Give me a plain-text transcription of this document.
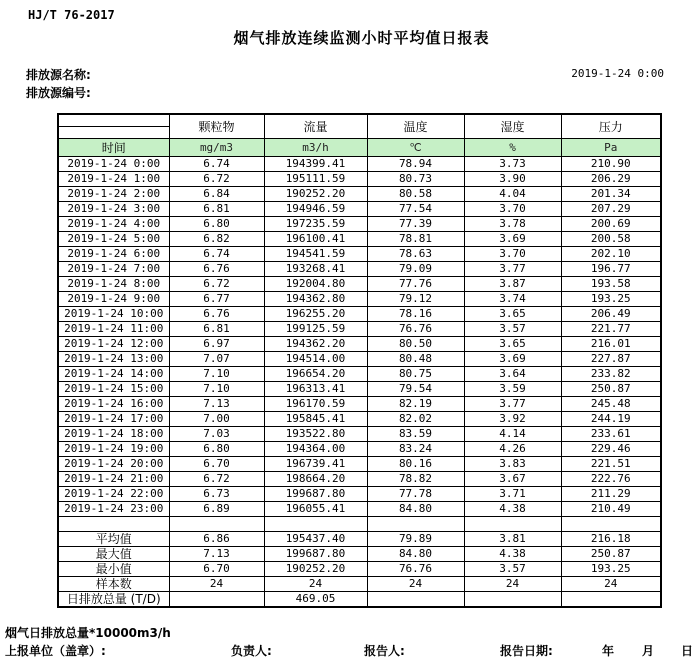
HJ/T 76-2017
烟气排放连续监测小时平均值日报表
排放源名称:	2019-1-24 0:00
排放源编号:
	颗粒物	流量	温度	湿度	压力
时间	mg/m3	m3/h	℃	%	Pa
2019-1-24 0:00	6.74	194399.41	78.94	3.73	210.90
2019-1-24 1:00	6.72	195111.59	80.73	3.90	206.29
2019-1-24 2:00	6.84	190252.20	80.58	4.04	201.34
2019-1-24 3:00	6.81	194946.59	77.54	3.70	207.29
2019-1-24 4:00	6.80	197235.59	77.39	3.78	200.69
2019-1-24 5:00	6.82	196100.41	78.81	3.69	200.58
2019-1-24 6:00	6.74	194541.59	78.63	3.70	202.10
2019-1-24 7:00	6.76	193268.41	79.09	3.77	196.77
2019-1-24 8:00	6.72	192004.80	77.76	3.87	193.58
2019-1-24 9:00	6.77	194362.80	79.12	3.74	193.25
2019-1-24 10:00	6.76	196255.20	78.16	3.65	206.49
2019-1-24 11:00	6.81	199125.59	76.76	3.57	221.77
2019-1-24 12:00	6.97	194362.20	80.50	3.65	216.01
2019-1-24 13:00	7.07	194514.00	80.48	3.69	227.87
2019-1-24 14:00	7.10	196654.20	80.75	3.64	233.82
2019-1-24 15:00	7.10	196313.41	79.54	3.59	250.87
2019-1-24 16:00	7.13	196170.59	82.19	3.77	245.48
2019-1-24 17:00	7.00	195845.41	82.02	3.92	244.19
2019-1-24 18:00	7.03	193522.80	83.59	4.14	233.61
2019-1-24 19:00	6.80	194364.00	83.24	4.26	229.46
2019-1-24 20:00	6.70	196739.41	80.16	3.83	221.51
2019-1-24 21:00	6.72	198664.20	78.82	3.67	222.76
2019-1-24 22:00	6.73	199687.80	77.78	3.71	211.29
2019-1-24 23:00	6.89	196055.41	84.80	4.38	210.49

平均值	6.86	195437.40	79.89	3.81	216.18
最大值	7.13	199687.80	84.80	4.38	250.87
最小值	6.70	190252.20	76.76	3.57	193.25
样本数	24	24	24	24	24
日排放总量 (T/D)		469.05			
烟气日排放总量*10000m3/h
上报单位（盖章）:	负责人:	报告人:	报告日期:	年 月 日
